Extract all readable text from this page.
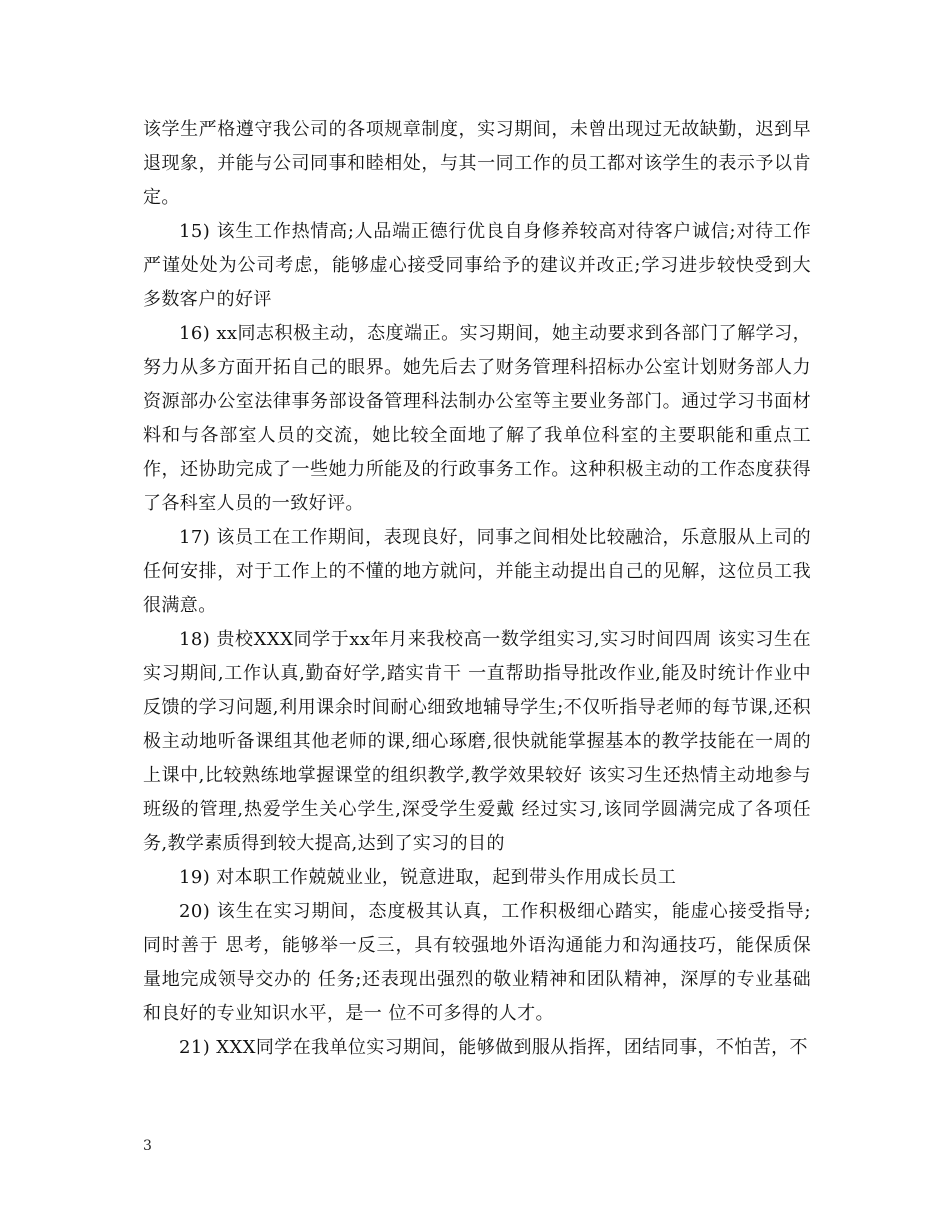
该学生严格遵守我公司的各项规章制度，实习期间，未曾出现过无故缺勤，迟到早退现象，并能与公司同事和睦相处，与其一同工作的员工都对该学生的表示予以肯定。

15) 该生工作热情高;人品端正德行优良自身修养较高对待客户诚信;对待工作严谨处处为公司考虑，能够虚心接受同事给予的建议并改正;学习进步较快受到大多数客户的好评

16) xx同志积极主动，态度端正。实习期间，她主动要求到各部门了解学习，努力从多方面开拓自己的眼界。她先后去了财务管理科招标办公室计划财务部人力资源部办公室法律事务部设备管理科法制办公室等主要业务部门。通过学习书面材料和与各部室人员的交流，她比较全面地了解了我单位科室的主要职能和重点工作，还协助完成了一些她力所能及的行政事务工作。这种积极主动的工作态度获得了各科室人员的一致好评。

17) 该员工在工作期间，表现良好，同事之间相处比较融洽，乐意服从上司的任何安排，对于工作上的不懂的地方就问，并能主动提出自己的见解，这位员工我很满意。

18) 贵校XXX同学于xx年月来我校高一数学组实习,实习时间四周 该实习生在实习期间,工作认真,勤奋好学,踏实肯干 一直帮助指导批改作业,能及时统计作业中反馈的学习问题,利用课余时间耐心细致地辅导学生;不仅听指导老师的每节课,还积极主动地听备课组其他老师的课,细心琢磨,很快就能掌握基本的教学技能在一周的上课中,比较熟练地掌握课堂的组织教学,教学效果较好 该实习生还热情主动地参与班级的管理,热爱学生关心学生,深受学生爱戴 经过实习,该同学圆满完成了各项任务,教学素质得到较大提高,达到了实习的目的

19) 对本职工作兢兢业业，锐意进取，起到带头作用成长员工

20) 该生在实习期间，态度极其认真，工作积极细心踏实，能虚心接受指导;同时善于 思考，能够举一反三，具有较强地外语沟通能力和沟通技巧，能保质保量地完成领导交办的 任务;还表现出强烈的敬业精神和团队精神，深厚的专业基础和良好的专业知识水平，是一 位不可多得的人才。

21) XXX同学在我单位实习期间，能够做到服从指挥，团结同事，不怕苦，不

3
